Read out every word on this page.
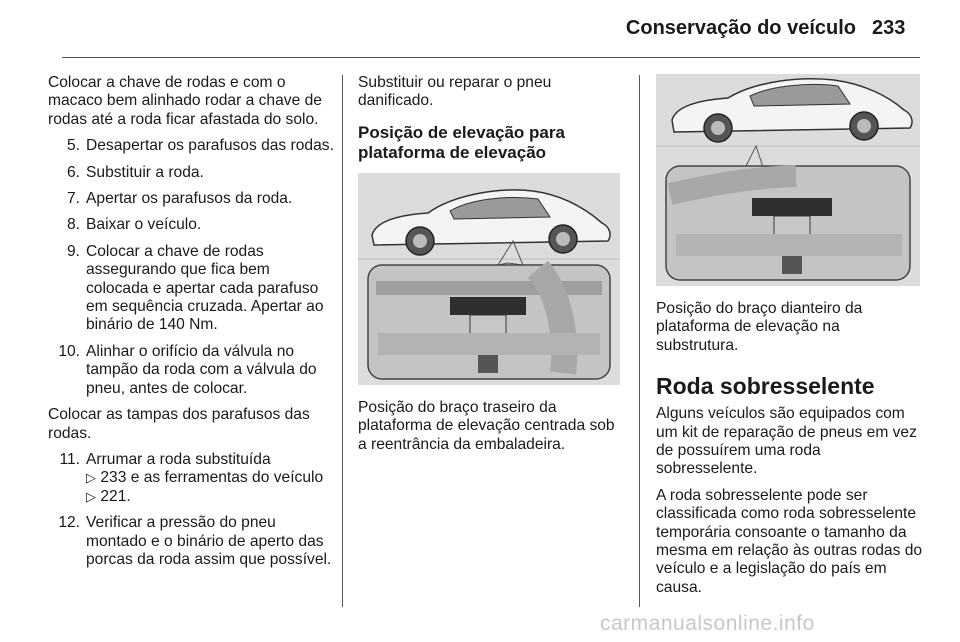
Conservação do veículo 233

Colocar a chave de rodas e com o macaco bem alinhado rodar a chave de rodas até a roda ficar afastada do solo.

5. Desapertar os parafusos das rodas.
6. Substituir a roda.
7. Apertar os parafusos da roda.
8. Baixar o veículo.
9. Colocar a chave de rodas assegurando que fica bem colocada e apertar cada parafuso em sequência cruzada. Apertar ao binário de 140 Nm.
10. Alinhar o orifício da válvula no tampão da roda com a válvula do pneu, antes de colocar.

Colocar as tampas dos parafusos das rodas.

11. Arrumar a roda substituída
▷ 233 e as ferramentas do veículo ▷ 221.
12. Verificar a pressão do pneu montado e o binário de aperto das porcas da roda assim que possível.

Substituir ou reparar o pneu danificado.

Posição de elevação para plataforma de elevação

Posição do braço traseiro da plataforma de elevação centrada sob a reentrância da embaladeira.

Posição do braço dianteiro da plataforma de elevação na substrutura.

Roda sobresselente

Alguns veículos são equipados com um kit de reparação de pneus em vez de possuírem uma roda sobresselente.

A roda sobresselente pode ser classificada como roda sobresselente temporária consoante o tamanho da mesma em relação às outras rodas do veículo e a legislação do país em causa.

carmanualsonline.info
